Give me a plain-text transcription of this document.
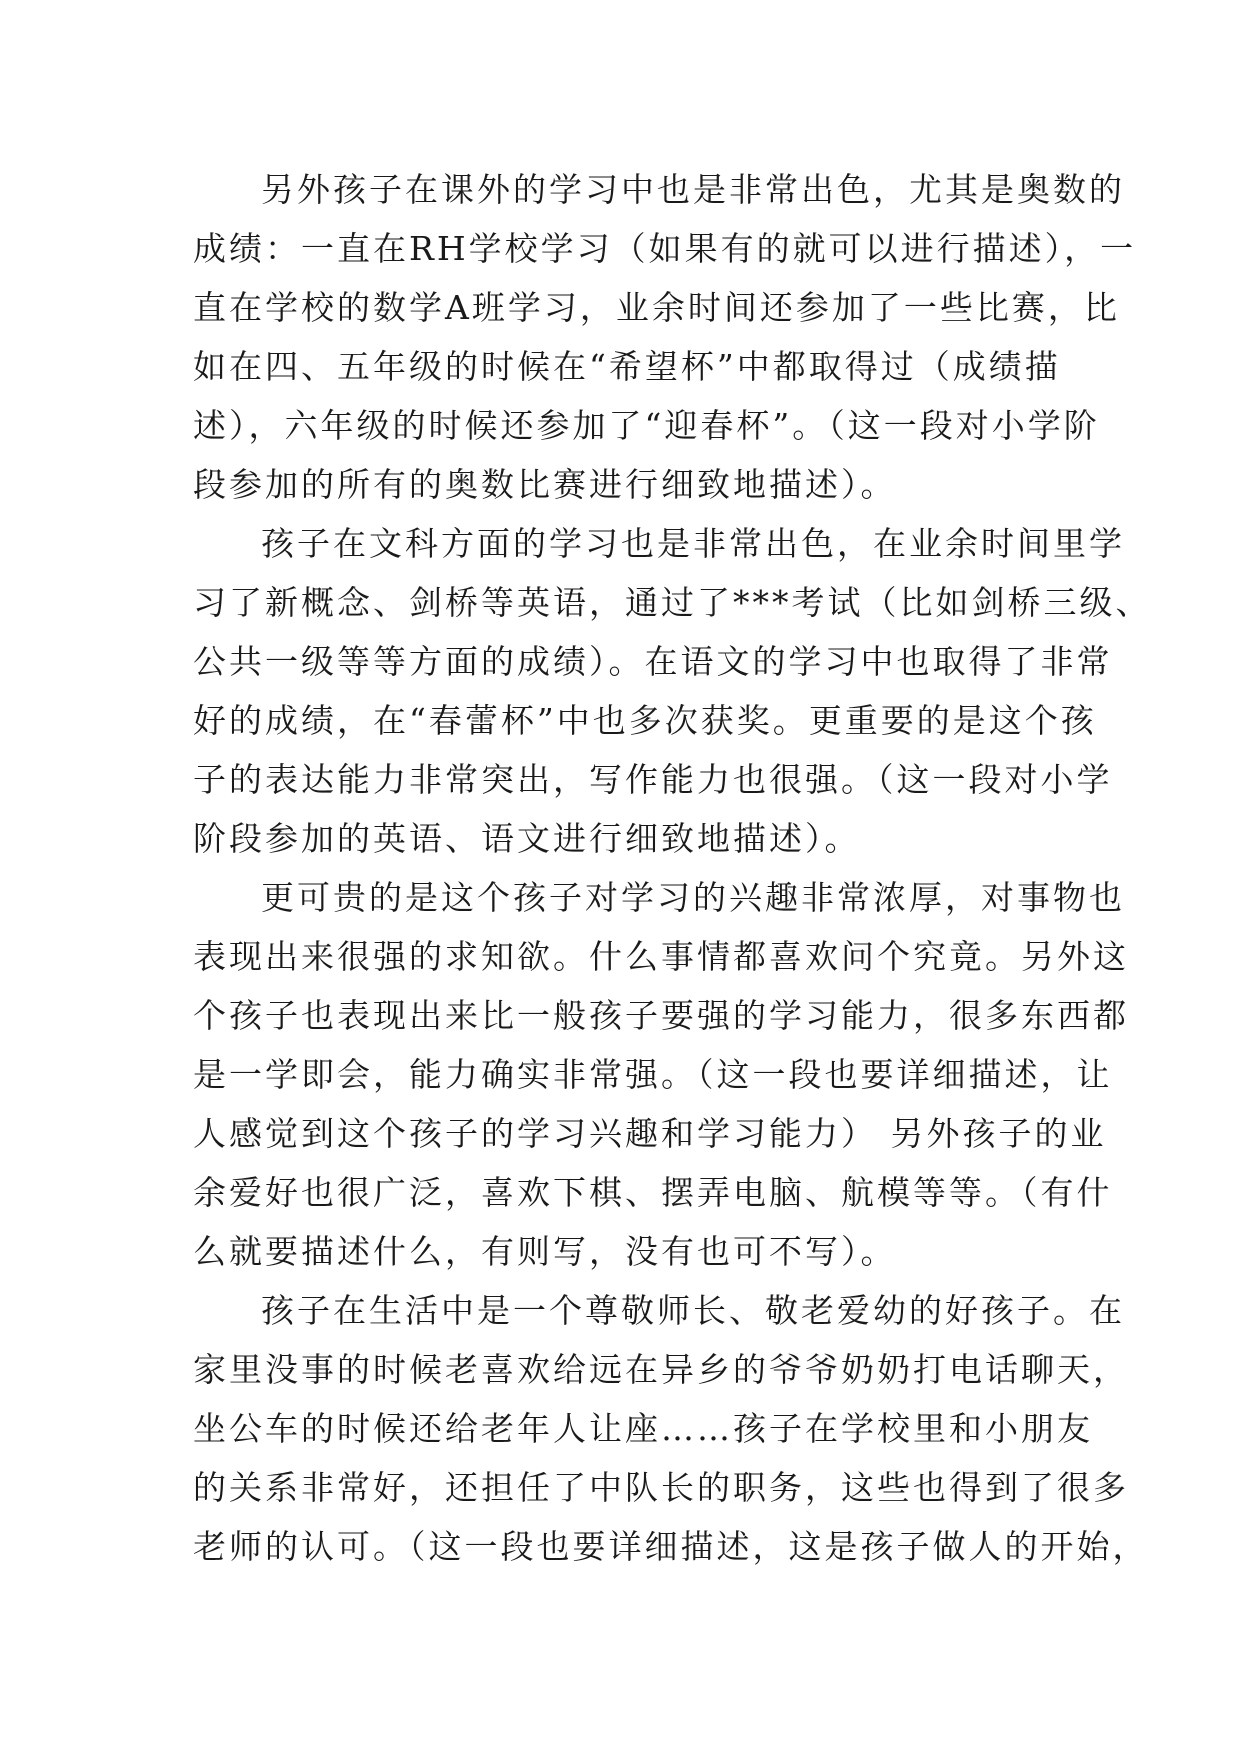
另外孩子在课外的学习中也是非常出色，尤其是奥数的
成绩：一直在RH学校学习（如果有的就可以进行描述），一
直在学校的数学A班学习，业余时间还参加了一些比赛，比
如在四、五年级的时候在“希望杯”中都取得过（成绩描
述），六年级的时候还参加了“迎春杯”。（这一段对小学阶
段参加的所有的奥数比赛进行细致地描述）。
孩子在文科方面的学习也是非常出色，在业余时间里学
习了新概念、剑桥等英语，通过了***考试（比如剑桥三级、
公共一级等等方面的成绩）。在语文的学习中也取得了非常
好的成绩，在“春蕾杯”中也多次获奖。更重要的是这个孩
子的表达能力非常突出，写作能力也很强。（这一段对小学
阶段参加的英语、语文进行细致地描述）。
更可贵的是这个孩子对学习的兴趣非常浓厚，对事物也
表现出来很强的求知欲。什么事情都喜欢问个究竟。另外这
个孩子也表现出来比一般孩子要强的学习能力，很多东西都
是一学即会，能力确实非常强。（这一段也要详细描述，让
人感觉到这个孩子的学习兴趣和学习能力） 另外孩子的业
余爱好也很广泛，喜欢下棋、摆弄电脑、航模等等。（有什
么就要描述什么，有则写，没有也可不写）。
孩子在生活中是一个尊敬师长、敬老爱幼的好孩子。在
家里没事的时候老喜欢给远在异乡的爷爷奶奶打电话聊天，
坐公车的时候还给老年人让座……孩子在学校里和小朋友
的关系非常好，还担任了中队长的职务，这些也得到了很多
老师的认可。（这一段也要详细描述，这是孩子做人的开始，
